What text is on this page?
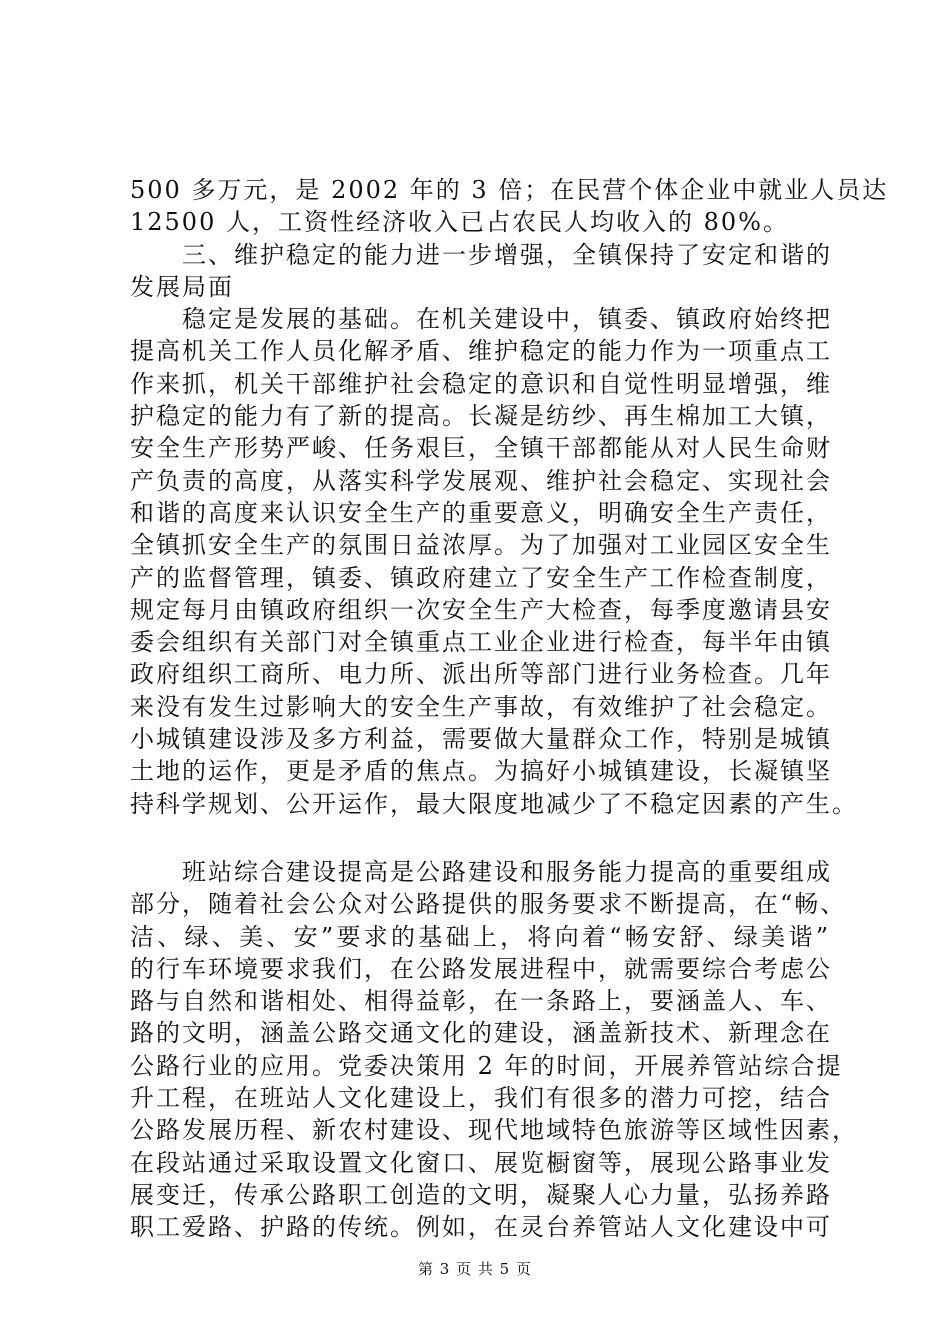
500 多万元，是 2002 年的 3 倍；在民营个体企业中就业人员达
12500 人，工资性经济收入已占农民人均收入的 80%。
　　三、维护稳定的能力进一步增强，全镇保持了安定和谐的
发展局面
　　稳定是发展的基础。在机关建设中，镇委、镇政府始终把
提高机关工作人员化解矛盾、维护稳定的能力作为一项重点工
作来抓，机关干部维护社会稳定的意识和自觉性明显增强，维
护稳定的能力有了新的提高。长凝是纺纱、再生棉加工大镇，
安全生产形势严峻、任务艰巨，全镇干部都能从对人民生命财
产负责的高度，从落实科学发展观、维护社会稳定、实现社会
和谐的高度来认识安全生产的重要意义，明确安全生产责任，
全镇抓安全生产的氛围日益浓厚。为了加强对工业园区安全生
产的监督管理，镇委、镇政府建立了安全生产工作检查制度，
规定每月由镇政府组织一次安全生产大检查，每季度邀请县安
委会组织有关部门对全镇重点工业企业进行检查，每半年由镇
政府组织工商所、电力所、派出所等部门进行业务检查。几年
来没有发生过影响大的安全生产事故，有效维护了社会稳定。
小城镇建设涉及多方利益，需要做大量群众工作，特别是城镇
土地的运作，更是矛盾的焦点。为搞好小城镇建设，长凝镇坚
持科学规划、公开运作，最大限度地减少了不稳定因素的产生。
　　班站综合建设提高是公路建设和服务能力提高的重要组成
部分，随着社会公众对公路提供的服务要求不断提高，在“畅、
洁、绿、美、安”要求的基础上，将向着“畅安舒、绿美谐”
的行车环境要求我们，在公路发展进程中，就需要综合考虑公
路与自然和谐相处、相得益彰，在一条路上，要涵盖人、车、
路的文明，涵盖公路交通文化的建设，涵盖新技术、新理念在
公路行业的应用。党委决策用 2 年的时间，开展养管站综合提
升工程，在班站人文化建设上，我们有很多的潜力可挖，结合
公路发展历程、新农村建设、现代地域特色旅游等区域性因素，
在段站通过采取设置文化窗口、展览橱窗等，展现公路事业发
展变迁，传承公路职工创造的文明，凝聚人心力量，弘扬养路
职工爱路、护路的传统。例如，在灵台养管站人文化建设中可
第 3 页 共 5 页
